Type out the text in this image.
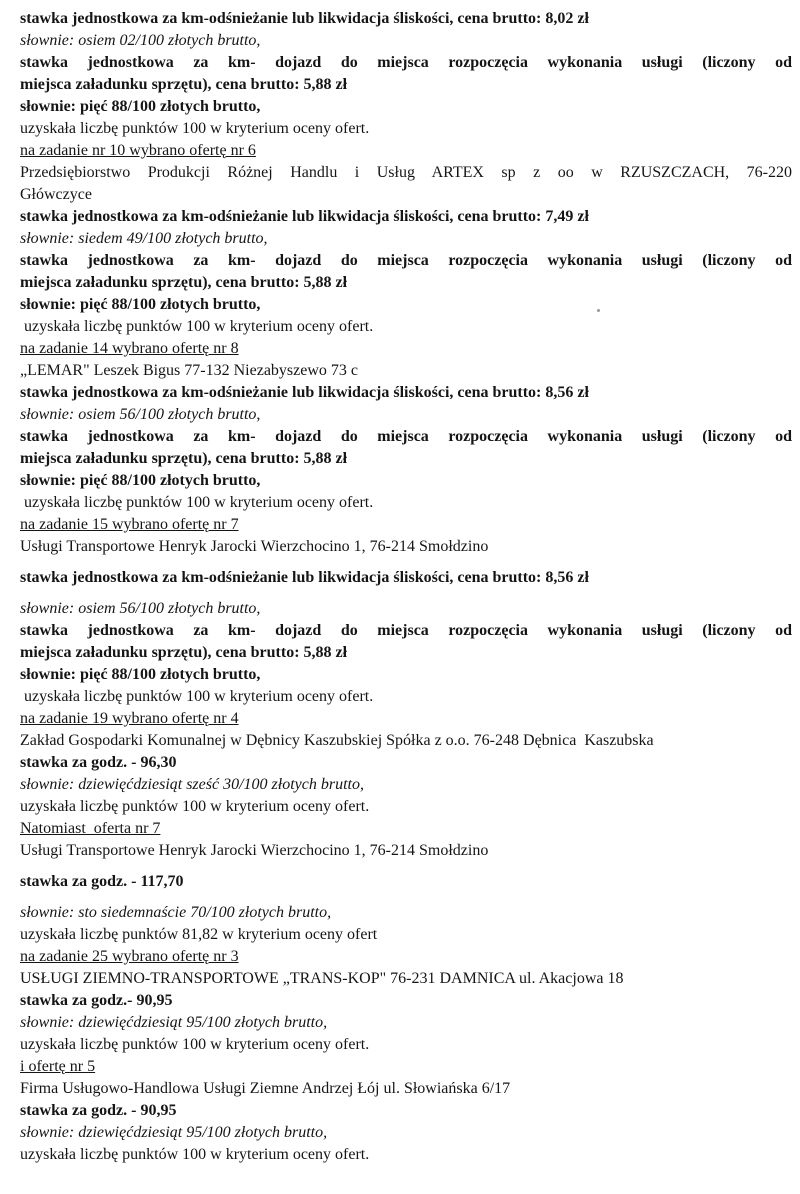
stawka jednostkowa za km-odśnieżanie lub likwidacja śliskości, cena brutto: 8,02 zł
słownie: osiem 02/100 złotych brutto,
stawka jednostkowa za km- dojazd do miejsca rozpoczęcia wykonania usługi (liczony od
miejsca załadunku sprzętu), cena brutto: 5,88 zł
słownie: pięć 88/100 złotych brutto,
uzyskała liczbę punktów 100 w kryterium oceny ofert.
na zadanie nr 10 wybrano ofertę nr 6
Przedsiębiorstwo Produkcji Różnej Handlu i Usług ARTEX sp z oo w RZUSZCZACH, 76-220
Główczyce
stawka jednostkowa za km-odśnieżanie lub likwidacja śliskości, cena brutto: 7,49 zł
słownie: siedem 49/100 złotych brutto,
stawka jednostkowa za km- dojazd do miejsca rozpoczęcia wykonania usługi (liczony od
miejsca załadunku sprzętu), cena brutto: 5,88 zł
słownie: pięć 88/100 złotych brutto,
uzyskała liczbę punktów 100 w kryterium oceny ofert.
na zadanie 14 wybrano ofertę nr 8
„LEMAR" Leszek Bigus 77-132 Niezabyszewo 73 c
stawka jednostkowa za km-odśnieżanie lub likwidacja śliskości, cena brutto: 8,56 zł
słownie: osiem 56/100 złotych brutto,
stawka jednostkowa za km- dojazd do miejsca rozpoczęcia wykonania usługi (liczony od
miejsca załadunku sprzętu), cena brutto: 5,88 zł
słownie: pięć 88/100 złotych brutto,
uzyskała liczbę punktów 100 w kryterium oceny ofert.
na zadanie 15 wybrano ofertę nr 7
Usługi Transportowe Henryk Jarocki Wierzchocino 1, 76-214 Smołdzino
stawka jednostkowa za km-odśnieżanie lub likwidacja śliskości, cena brutto: 8,56 zł
słownie: osiem 56/100 złotych brutto,
stawka jednostkowa za km- dojazd do miejsca rozpoczęcia wykonania usługi (liczony od
miejsca załadunku sprzętu), cena brutto: 5,88 zł
słownie: pięć 88/100 złotych brutto,
uzyskała liczbę punktów 100 w kryterium oceny ofert.
na zadanie 19 wybrano ofertę nr 4
Zakład Gospodarki Komunalnej w Dębnicy Kaszubskiej Spółka z o.o. 76-248 Dębnica  Kaszubska
stawka za godz. - 96,30
słownie: dziewięćdziesiąt sześć 30/100 złotych brutto,
uzyskała liczbę punktów 100 w kryterium oceny ofert.
Natomiast  oferta nr 7
Usługi Transportowe Henryk Jarocki Wierzchocino 1, 76-214 Smołdzino
stawka za godz. - 117,70
słownie: sto siedemnaście 70/100 złotych brutto,
uzyskała liczbę punktów 81,82 w kryterium oceny ofert
na zadanie 25 wybrano ofertę nr 3
USŁUGI ZIEMNO-TRANSPORTOWE „TRANS-KOP" 76-231 DAMNICA ul. Akacjowa 18
stawka za godz.- 90,95
słownie: dziewięćdziesiąt 95/100 złotych brutto,
uzyskała liczbę punktów 100 w kryterium oceny ofert.
i ofertę nr 5
Firma Usługowo-Handlowa Usługi Ziemne Andrzej Łój ul. Słowiańska 6/17
stawka za godz. - 90,95
słownie: dziewięćdziesiąt 95/100 złotych brutto,
uzyskała liczbę punktów 100 w kryterium oceny ofert.
